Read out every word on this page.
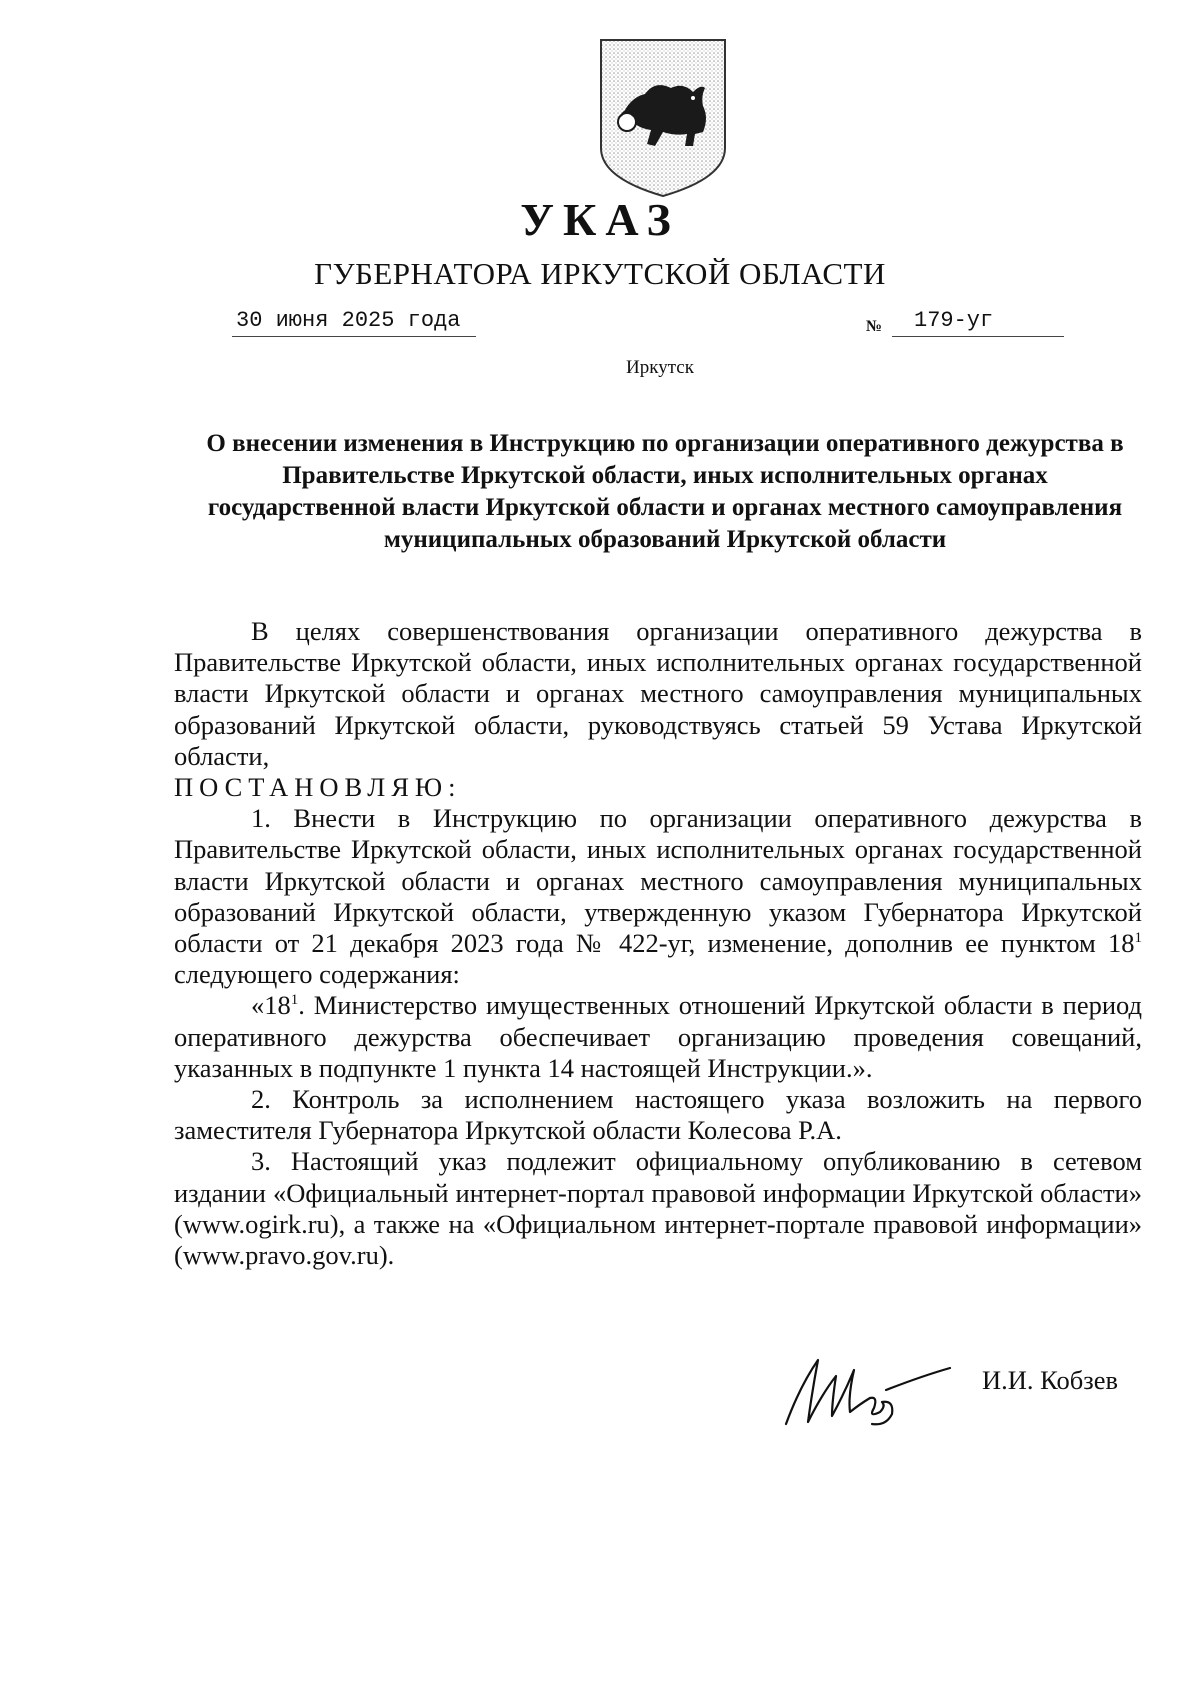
УКАЗ
ГУБЕРНАТОРА ИРКУТСКОЙ ОБЛАСТИ
30 июня 2025 года	№	179-уг
Иркутск
О внесении изменения в Инструкцию по организации оперативного дежурства в Правительстве Иркутской области, иных исполнительных органах государственной власти Иркутской области и органах местного самоуправления муниципальных образований Иркутской области

В целях совершенствования организации оперативного дежурства в Правительстве Иркутской области, иных исполнительных органах государственной власти Иркутской области и органах местного самоуправления муниципальных образований Иркутской области, руководствуясь статьей 59 Устава Иркутской области,

ПОСТАНОВЛЯЮ:

1. Внести в Инструкцию по организации оперативного дежурства в Правительстве Иркутской области, иных исполнительных органах государственной власти Иркутской области и органах местного самоуправления муниципальных образований Иркутской области, утвержденную указом Губернатора Иркутской области от 21 декабря 2023 года № 422-уг, изменение, дополнив ее пунктом $18^1$ следующего содержания:

«$18^1$. Министерство имущественных отношений Иркутской области в период оперативного дежурства обеспечивает организацию проведения совещаний, указанных в подпункте 1 пункта 14 настоящей Инструкции.».

2. Контроль за исполнением настоящего указа возложить на первого заместителя Губернатора Иркутской области Колесова Р.А.

3. Настоящий указ подлежит официальному опубликованию в сетевом издании «Официальный интернет-портал правовой информации Иркутской области» (www.ogirk.ru), а также на «Официальном интернет-портале правовой информации» (www.pravo.gov.ru).

И.И. Кобзев
